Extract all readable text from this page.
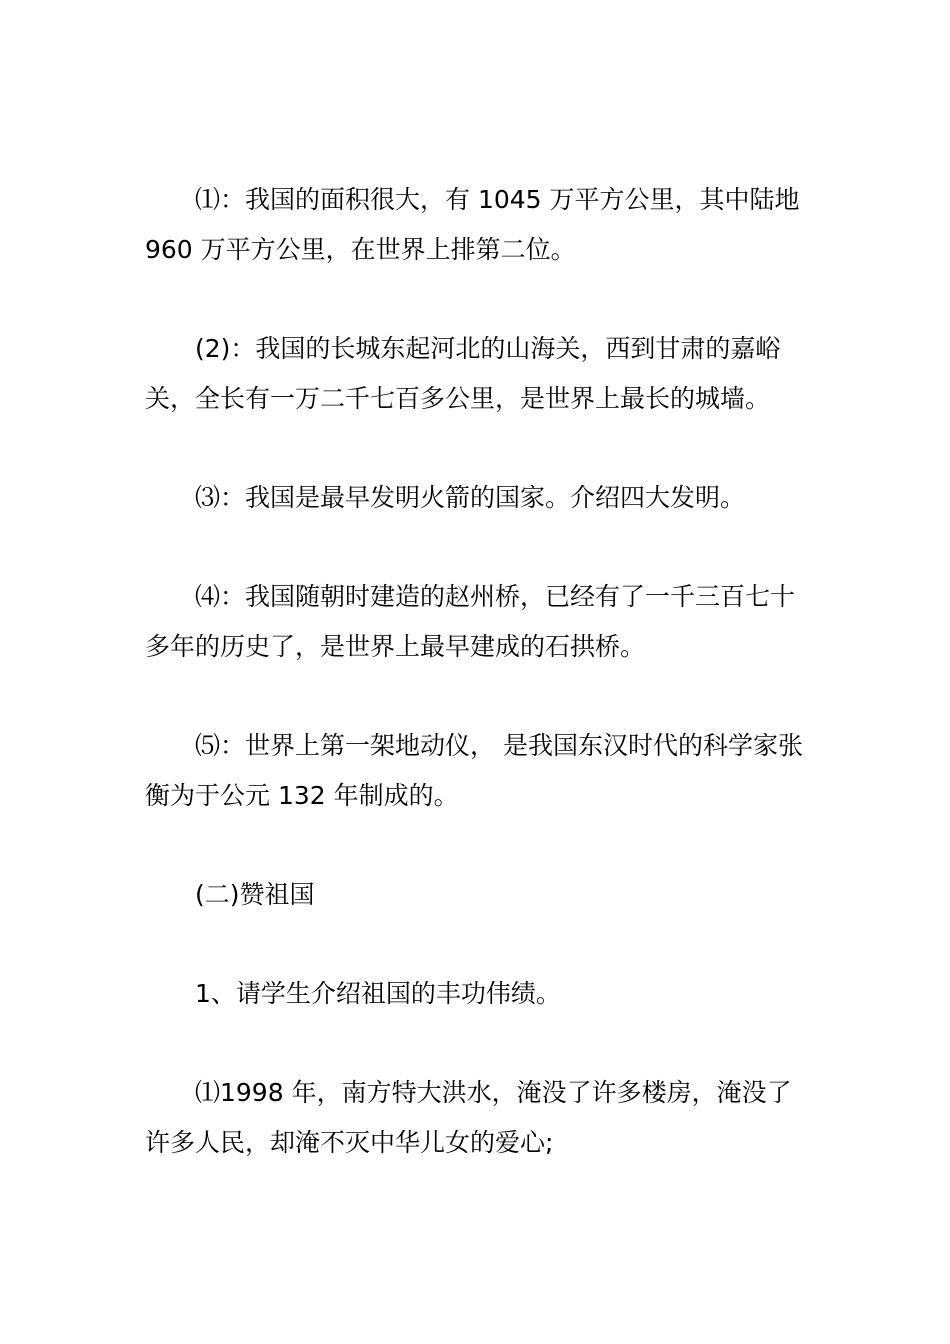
⑴：我国的面积很大，有 1045 万平方公里，其中陆地 960 万平方公里，在世界上排第二位。

(2)：我国的长城东起河北的山海关，西到甘肃的嘉峪关，全长有一万二千七百多公里，是世界上最长的城墙。

⑶：我国是最早发明火箭的国家。介绍四大发明。

⑷：我国随朝时建造的赵州桥，已经有了一千三百七十多年的历史了，是世界上最早建成的石拱桥。

⑸：世界上第一架地动仪， 是我国东汉时代的科学家张衡为于公元 132 年制成的。

(二)赞祖国

1、请学生介绍祖国的丰功伟绩。

⑴1998 年，南方特大洪水，淹没了许多楼房，淹没了许多人民，却淹不灭中华儿女的爱心;
